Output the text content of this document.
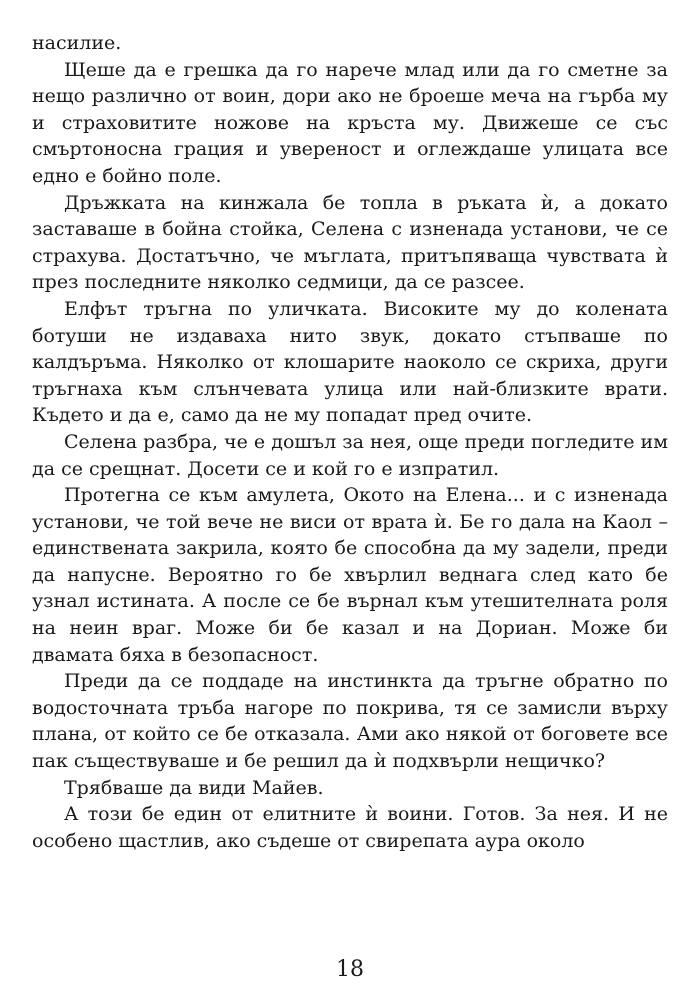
насилие.

Щеше да е грешка да го нарече млад или да го сметне за нещо различно от воин, дори ако не броеше меча на гърба му и страховитите ножове на кръста му. Движеше се със смъртоносна грация и увереност и оглеждаше улицата все едно е бойно поле.

Дръжката на кинжала бе топла в ръката ѝ, а докато заставаше в бойна стойка, Селена с изненада установи, че се страхува. Достатъчно, че мъглата, притъпяваща чувствата ѝ през последните няколко седмици, да се разсее.

Елфът тръгна по уличката. Високите му до колената ботуши не издаваха нито звук, докато стъпваше по калдъръма. Няколко от клошарите наоколо се скриха, други тръгнаха към слънчевата улица или най-близките врати. Където и да е, само да не му попадат пред очите.

Селена разбра, че е дошъл за нея, още преди погледите им да се срещнат. Досети се и кой го е изпратил.

Протегна се към амулета, Окото на Елена... и с изненада установи, че той вече не виси от врата ѝ. Бе го дала на Каол – единствената закрила, която бе способна да му задели, преди да напусне. Вероятно го бе хвърлил веднага след като бе узнал истината. А после се бе върнал към утешителната роля на неин враг. Може би бе казал и на Дориан. Може би двамата бяха в безопасност.

Преди да се поддаде на инстинкта да тръгне обратно по водосточната тръба нагоре по покрива, тя се замисли върху плана, от който се бе отказала. Ами ако някой от боговете все пак съществуваше и бе решил да ѝ подхвърли нещичко?

Трябваше да види Майев.

А този бе един от елитните ѝ воини. Готов. За нея. И не особено щастлив, ако съдеше от свирепата аура около

18
